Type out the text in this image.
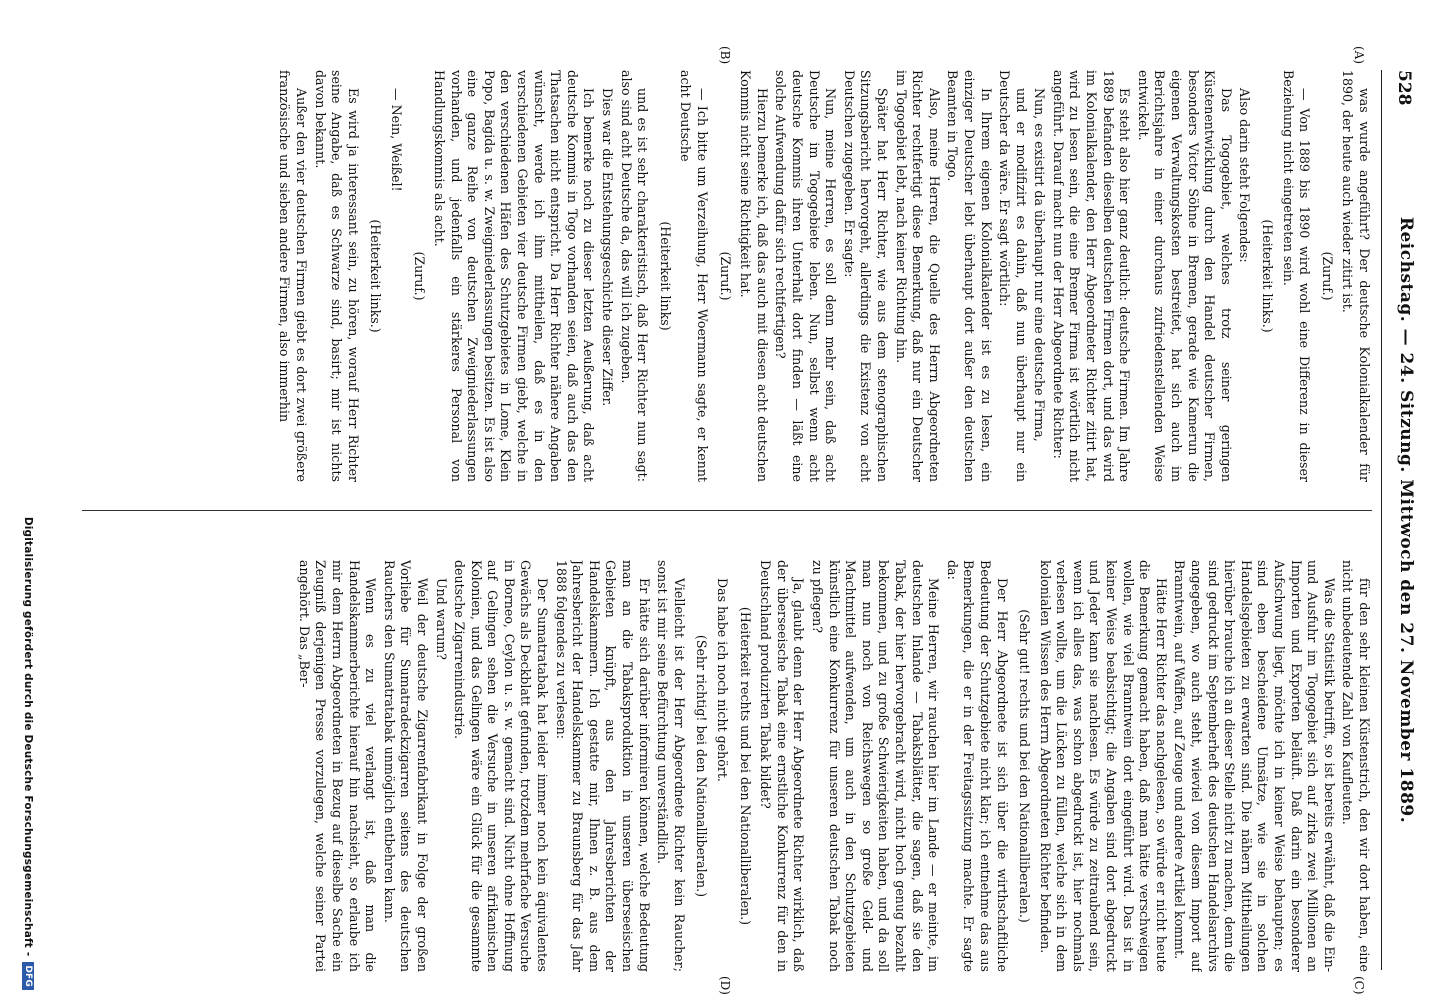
528
Reichstag. — 24. Sitzung. Mittwoch den 27. November 1889.
(A)
(B)
(C)
(D)

was wurde angeführt? Der deutsche Kolonialkalender für 1890, der heute auch wieder zitirt ist.

(Zuruf.)

— Von 1889 bis 1890 wird wohl eine Differenz in dieser Beziehung nicht eingetreten sein.

(Heiterkeit links.)

Also darin steht Folgendes:

Das Togogebiet, welches trotz seiner geringen Küstenentwicklung durch den Handel deutscher Firmen, besonders Victor Söhne in Bremen, gerade wie Kamerun die eigenen Verwaltungskosten bestreitet, hat sich auch im Berichtsjahre in einer durchaus zufriedenstellenden Weise entwickelt.

Es steht also hier ganz deutlich: deutsche Firmen. Im Jahre 1889 befanden dieselben deutschen Firmen dort, und das wird im Kolonialkalender, den Herr Abgeordneter Richter zitirt hat, wird zu lesen sein, die eine Bremer Firma ist wörtlich nicht angeführt. Darauf macht nun der Herr Abgeordnete Richter:

Nun, es existirt da überhaupt nur eine deutsche Firma,

und er modifizirt es dahin, daß nun überhaupt nur ein Deutscher da wäre. Er sagt wörtlich:

In Ihrem eigenen Kolonialkalender ist es zu lesen, ein einziger Deutscher lebt überhaupt dort außer den deutschen Beamten in Togo.

Also, meine Herren, die Quelle des Herrn Abgeordneten Richter rechtfertigt diese Bemerkung, daß nur ein Deutscher im Togogebiet lebt, nach keiner Richtung hin.

Später hat Herr Richter, wie aus dem stenographischen Sitzungsbericht hervorgeht, allerdings die Existenz von acht Deutschen zugegeben. Er sagte:

Nun, meine Herren, es soll denn mehr sein, daß acht Deutsche im Togogebiete leben. Nun, selbst wenn acht deutsche Kommis ihren Unterhalt dort finden — läßt eine solche Aufwendung dafür sich rechtfertigen?

Hierzu bemerke ich, daß das auch mit diesen acht deutschen Kommis nicht seine Richtigkeit hat.

(Zuruf.)

— Ich bitte um Verzeihung, Herr Woermann sagte, er kennt acht Deutsche

(Heiterkeit links)

und es ist sehr charakteristisch, daß Herr Richter nun sagt: also sind acht Deutsche da, das will ich zugeben.

Dies war die Entstehungsgeschichte dieser Ziffer.

Ich bemerke noch zu dieser letzten Aeußerung, daß acht deutsche Kommis in Togo vorhanden seien, daß auch das den Thatsachen nicht entspricht. Da Herr Richter nähere Angaben wünscht, werde ich ihm mittheilen, daß es in den verschiedenen Gebieten vier deutsche Firmen giebt, welche in den verschiedenen Häfen des Schutzgebietes in Lome, Klein Popo, Bagida u. s. w. Zweigniederlassungen besitzen. Es ist also eine ganze Reihe von deutschen Zweigniederlassungen vorhanden, und jedenfalls ein stärkeres Personal von Handlungskommis als acht.

(Zuruf.)

— Nein, Weißel!

(Heiterkeit links.)

Es wird ja interessant sein, zu hören, worauf Herr Richter seine Angabe, daß es Schwarze sind, basirt; mir ist nichts davon bekannt.

Außer den vier deutschen Firmen giebt es dort zwei größere französische und sieben andere Firmen, also immerhin

für den sehr kleinen Küstenstrich, den wir dort haben, eine nicht unbedeutende Zahl von Kaufleuten.

Was die Statistik betrifft, so ist bereits erwähnt, daß die Ein- und Ausfuhr im Togogebiet sich auf zirka zwei Millionen an Importen und Exporten beläuft. Daß darin ein besonderer Aufschwung liegt, möchte ich in keiner Weise behaupten; es sind eben bescheidene Umsätze, wie sie in solchen Handelsgebieten zu erwarten sind. Die nähern Mittheilungen hierüber brauche ich an dieser Stelle nicht zu machen, denn die sind gedruckt im Septemberheft des deutschen Handelsarchivs angegeben, wo auch steht, wieviel von diesem Import auf Branntwein, auf Waffen, auf Zeuge und andere Artikel kommt.

Hätte Herr Richter das nachgelesen, so würde er nicht heute die Bemerkung gemacht haben, daß man hätte verschweigen wollen, wie viel Branntwein dort eingeführt wird. Das ist in keiner Weise beabsichtigt; die Angaben sind dort abgedruckt und Jeder kann sie nachlesen. Es würde zu zeitraubend sein, wenn ich alles das, was schon abgedruckt ist, hier nochmals verlesen wollte, um die Lücken zu füllen, welche sich in dem kolonialen Wissen des Herrn Abgeordneten Richter befinden.

(Sehr gut! rechts und bei den Nationalliberalen.)

Der Herr Abgeordnete ist sich über die wirthschaftliche Bedeutung der Schutzgebiete nicht klar; ich entnehme das aus Bemerkungen, die er in der Freitagssitzung machte. Er sagte da:

Meine Herren, wir rauchen hier im Lande — er meinte, im deutschen Inlande — Tabaksblätter, die sagen, daß sie den Tabak, der hier hervorgebracht wird, nicht hoch genug bezahlt bekommen, und zu große Schwierigkeiten haben, und da soll man nun noch von Reichswegen so große Geld- und Machtmittel aufwenden, um auch in den Schutzgebieten künstlich eine Konkurrenz für unseren deutschen Tabak noch zu pflegen?

Ja, glaubt denn der Herr Abgeordnete Richter wirklich, daß der überseeische Tabak eine ernstliche Konkurrenz für den in Deutschland produzirten Tabak bildet?

(Heiterkeit rechts und bei den Nationalliberalen.)

Das habe ich noch nicht gehört.

(Sehr richtig! bei den Nationalliberalen.)

Vielleicht ist der Herr Abgeordnete Richter kein Raucher; sonst ist mir seine Befürchtung unverständlich.

Er hätte sich darüber informiren können, welche Bedeutung man an die Tabaksproduktion in unseren überseeischen Gebieten knüpft, aus den Jahresberichten der Handelskammern. Ich gestatte mir, Ihnen z. B. aus dem Jahresbericht der Handelskammer zu Braunsberg für das Jahr 1888 folgendes zu verlesen:

Der Sumatratabak hat leider immer noch kein äquivalentes Gewächs als Deckblatt gefunden, trotzdem mehrfache Versuche in Borneo, Ceylon u. s. w. gemacht sind. Nicht ohne Hoffnung auf Gelingen sehen die Versuche in unseren afrikanischen Kolonien, und das Gelingen wäre ein Glück für die gesammte deutsche Zigarrenindustrie.

Und warum?

Weil der deutsche Zigarrenfabrikant in Folge der großen Vorliebe für Sumatradeckzigarren seitens des deutschen Rauchers den Sumatratabak unmöglich entbehren kann.

Wenn es zu viel verlangt ist, daß man die Handelskammerberichte hierauf hin nachsieht, so erlaube ich mir dem Herrn Abgeordneten in Bezug auf dieselbe Sache ein Zeugniß derjenigen Presse vorzulegen, welche seiner Partei angehört. Das „Ber-

Digitalisierung gefördert durch die Deutsche Forschungsgemeinschaft -DFG
